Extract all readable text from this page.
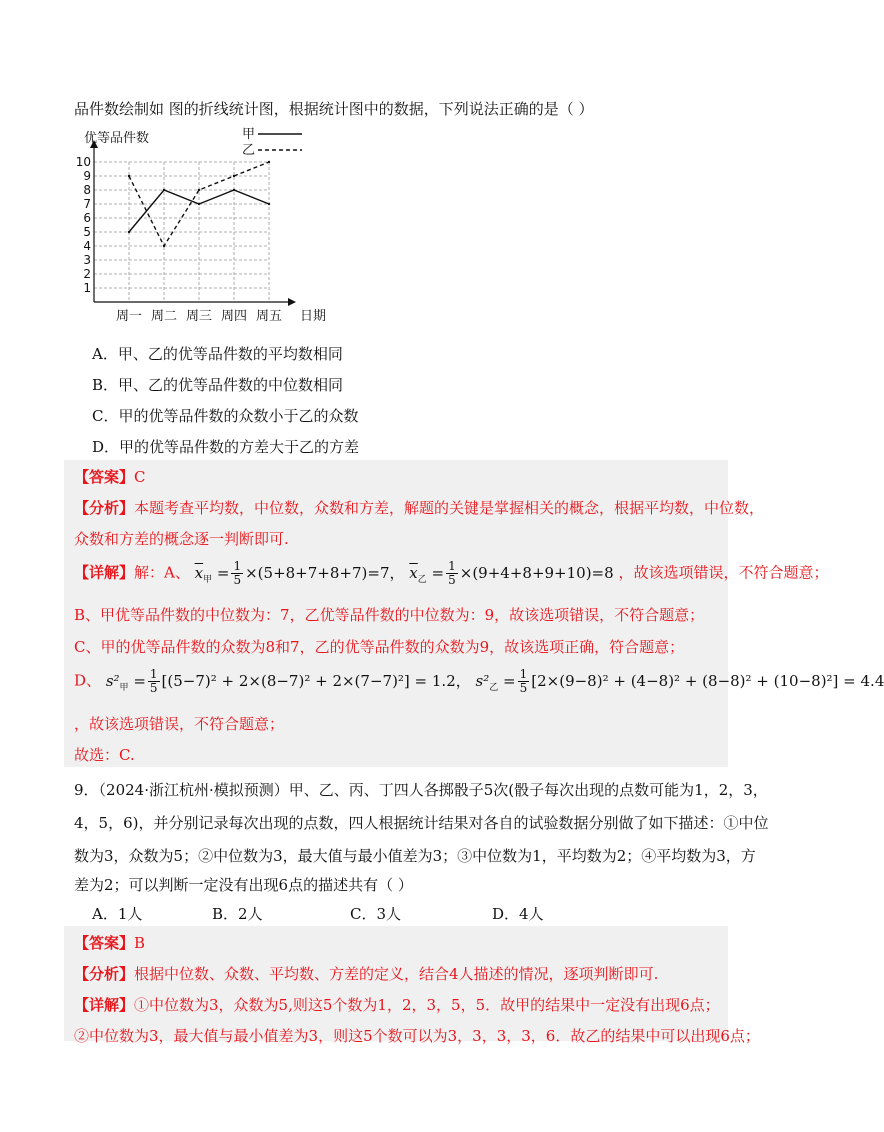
品件数绘制如 图的折线统计图，根据统计图中的数据，下列说法正确的是（ ）
1
2
3
4
5
6
7
8
9
10
周一 周二 周三 周四 周五
优等品件数
日期
甲
乙
A．甲、乙的优等品件数的平均数相同
B．甲、乙的优等品件数的中位数相同
C．甲的优等品件数的众数小于乙的众数
D．甲的优等品件数的方差大于乙的方差
【答案】C
【分析】本题考查平均数，中位数，众数和方差，解题的关键是掌握相关的概念，根据平均数，中位数，
众数和方差的概念逐一判断即可.
【详解】解：A、 $\overline{x}_甲 = \frac{1}{5} \times(5+8+7+8+7)=7$， $\overline{x}_乙 = \frac{1}{5} \times(9+4+8+9+10)=8$ ，故该选项错误，不符合题意；
B、甲优等品件数的中位数为：7，乙优等品件数的中位数为：9，故该选项错误，不符合题意；
C、甲的优等品件数的众数为8和7，乙的优等品件数的众数为9，故该选项正确，符合题意；
D、 $s^2_甲 = \frac{1}{5} [(5-7)^2 + 2\times(8-7)^2 + 2\times(7-7)^2] = 1.2$， $s^2_乙 = \frac{1}{5} [2\times(9-8)^2 + (4-8)^2 + (8-8)^2 + (10-8)^2] = 4.4$
，故该选项错误，不符合题意；
故选：C.
9．（2024·浙江杭州·模拟预测）甲、乙、丙、丁四人各掷骰子5次(骰子每次出现的点数可能为1，2，3，
4，5，6)，并分别记录每次出现的点数，四人根据统计结果对各自的试验数据分别做了如下描述：①中位
数为3，众数为5；②中位数为3，最大值与最小值差为3；③中位数为1，平均数为2；④平均数为3，方
差为2；可以判断一定没有出现6点的描述共有（ ）
A．1人	B．2人	C．3人	D．4人
【答案】B
【分析】根据中位数、众数、平均数、方差的定义，结合4人描述的情况，逐项判断即可.
【详解】①中位数为3，众数为5,则这5个数为1，2，3，5，5．故甲的结果中一定没有出现6点；
②中位数为3，最大值与最小值差为3，则这5个数可以为3，3，3，3，6．故乙的结果中可以出现6点；
